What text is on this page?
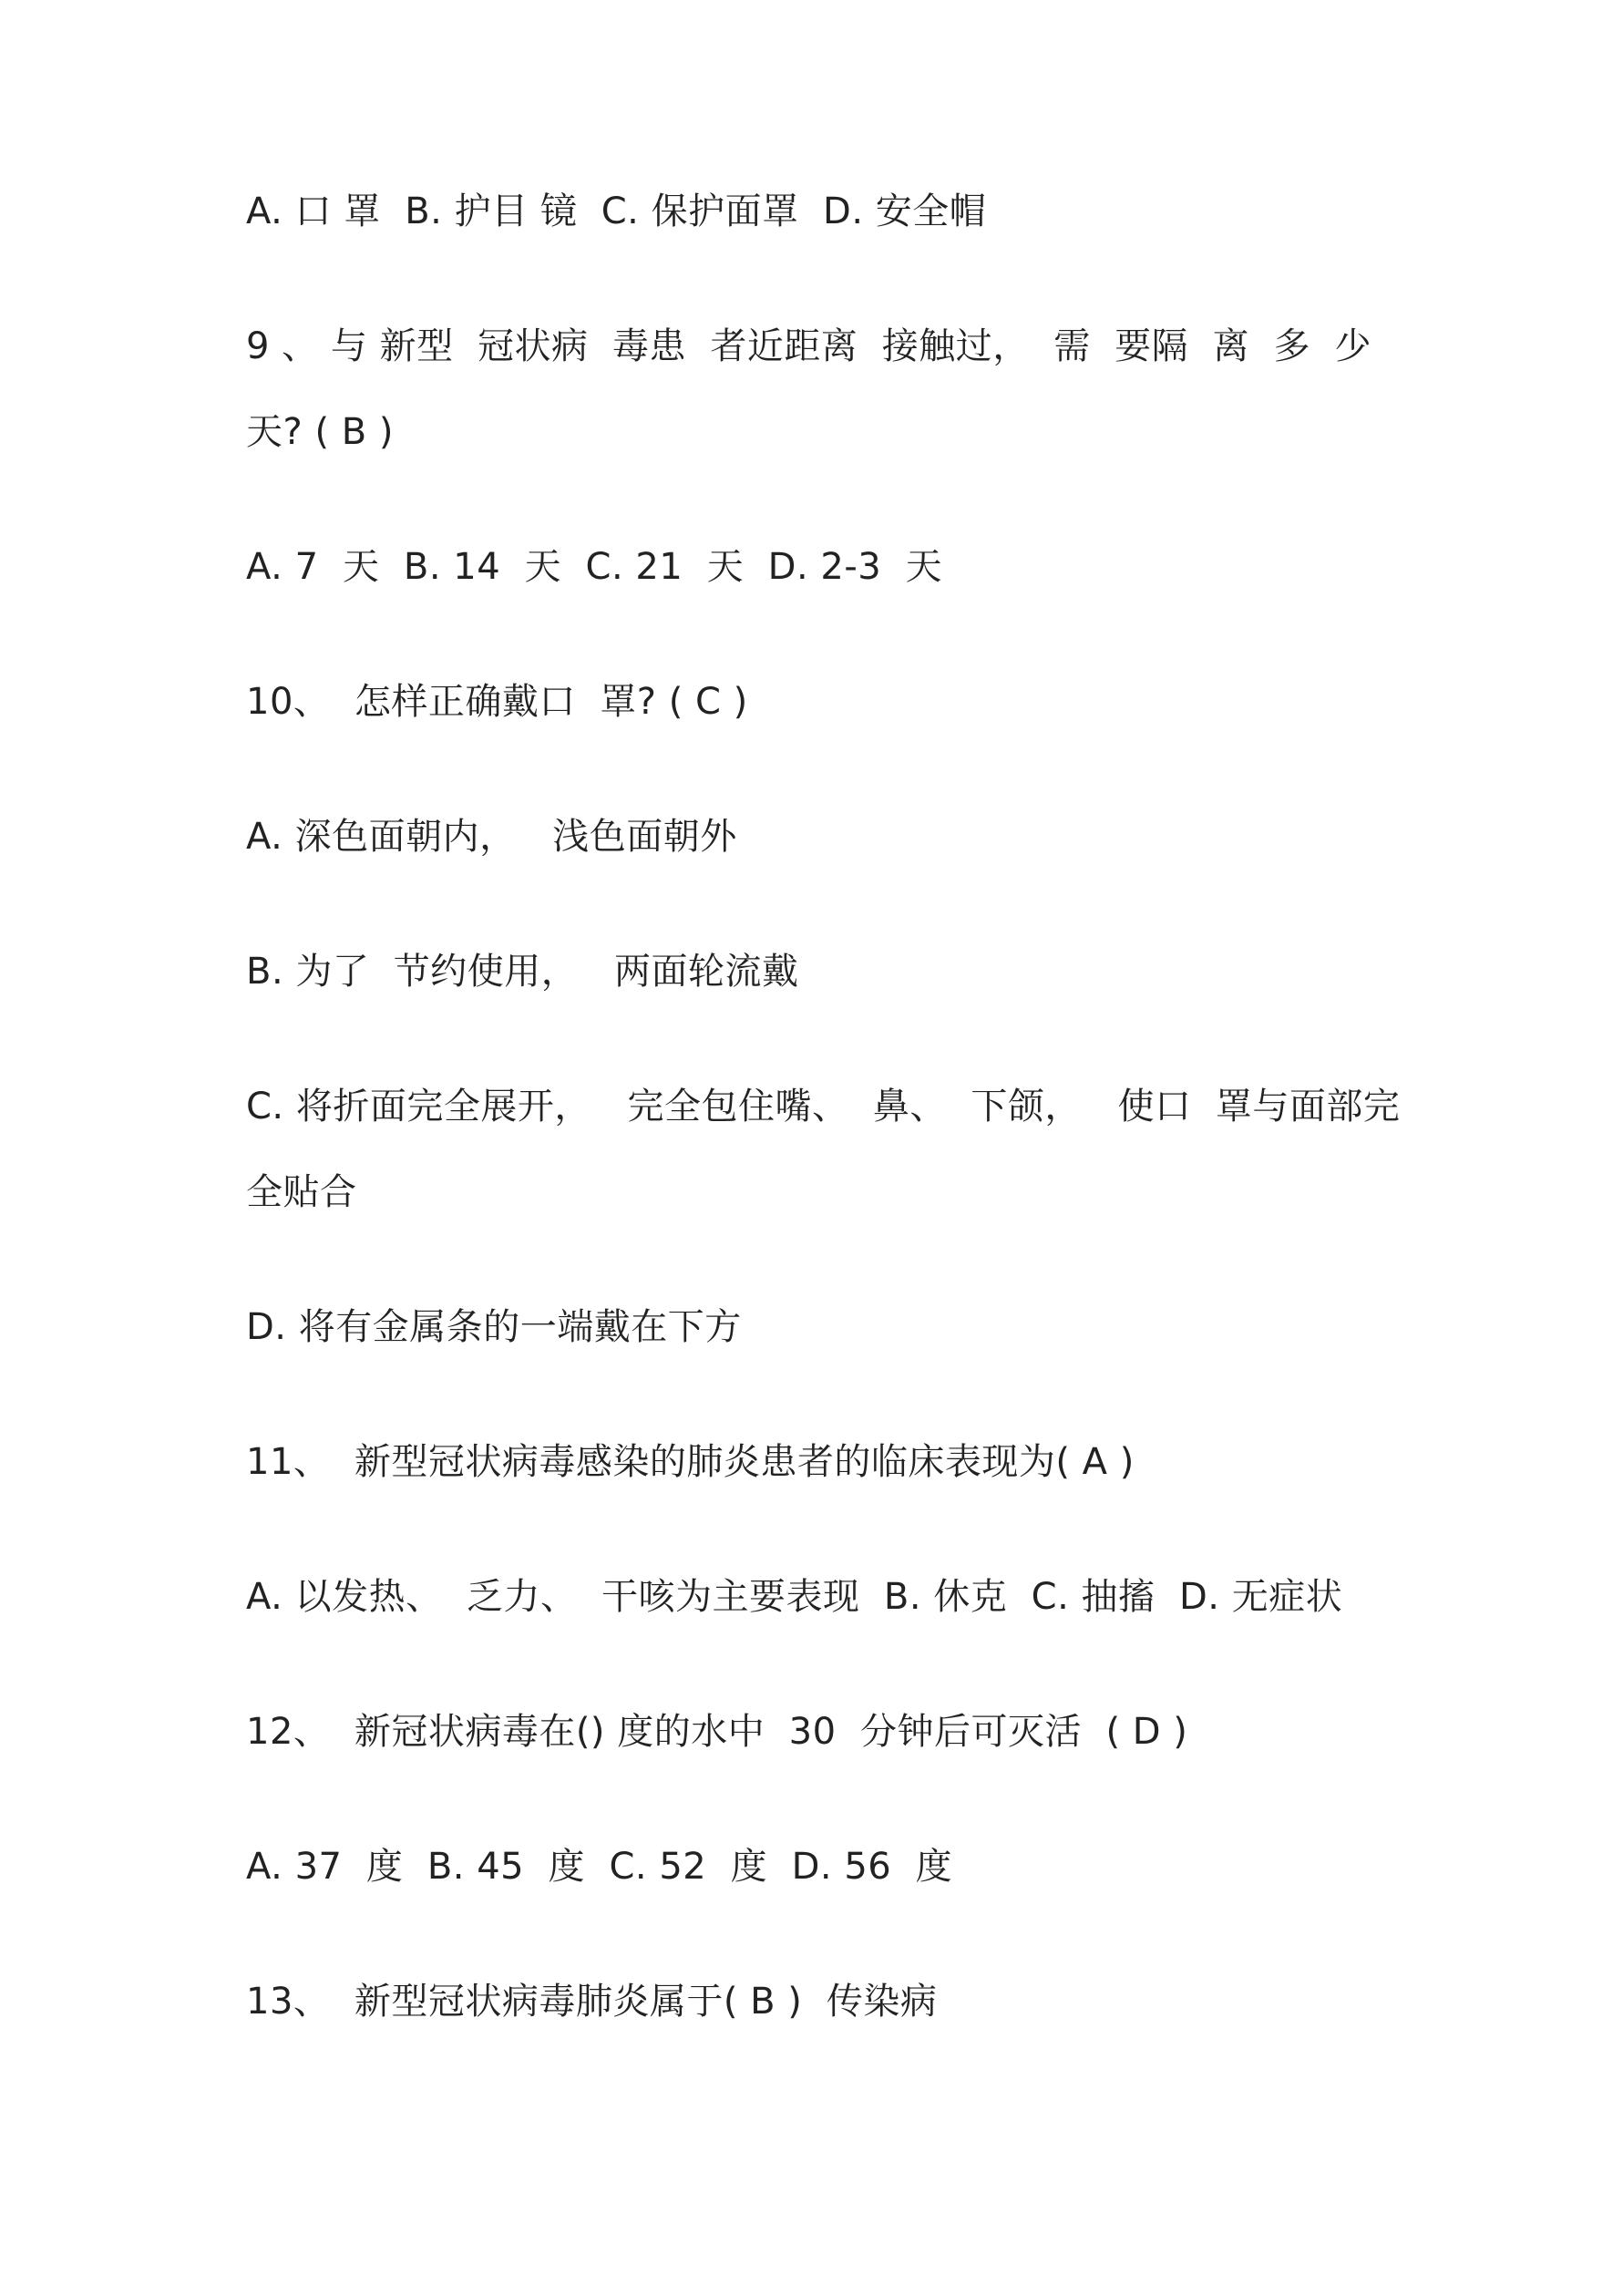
A. 口 罩  B. 护目 镜  C. 保护面罩  D. 安全帽
9 、 与 新型  冠状病  毒患  者近距离  接触过，  需  要隔  离  多  少
天? ( B )
A. 7  天  B. 14  天  C. 21  天  D. 2-3  天
10、  怎样正确戴口  罩? ( C )
A. 深色面朝内，   浅色面朝外
B. 为了  节约使用，   两面轮流戴
C. 将折面完全展开，   完全包住嘴、  鼻、  下颌，   使口  罩与面部完
全贴合
D. 将有金属条的一端戴在下方
11、  新型冠状病毒感染的肺炎患者的临床表现为( A )
A. 以发热、  乏力、  干咳为主要表现  B. 休克  C. 抽搐  D. 无症状
12、  新冠状病毒在() 度的水中  30  分钟后可灭活  ( D )
A. 37  度  B. 45  度  C. 52  度  D. 56  度
13、  新型冠状病毒肺炎属于( B )  传染病
